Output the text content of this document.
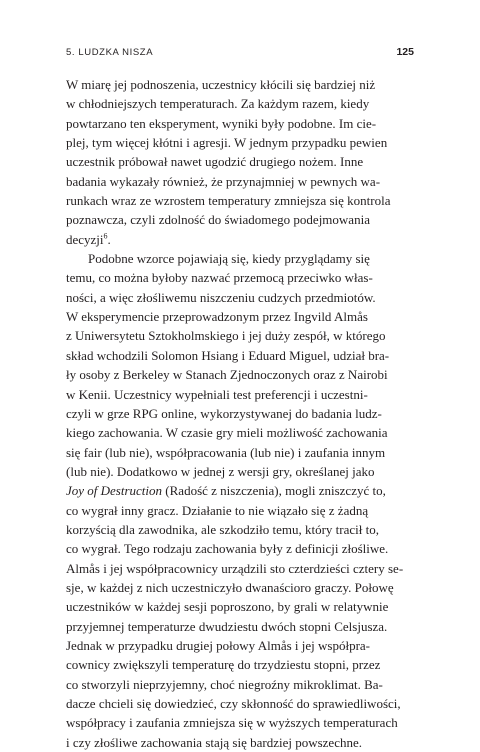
5. LUDZKA NISZA	125

W miarę jej podnoszenia, uczestnicy kłócili się bardziej niż
w chłodniejszych temperaturach. Za każdym razem, kiedy
powtarzano ten eksperyment, wyniki były podobne. Im cie-
plej, tym więcej kłótni i agresji. W jednym przypadku pewien
uczestnik próbował nawet ugodzić drugiego nożem. Inne
badania wykazały również, że przynajmniej w pewnych wa-
runkach wraz ze wzrostem temperatury zmniejsza się kontrola
poznawcza, czyli zdolność do świadomego podejmowania
decyzji$^6$.

Podobne wzorce pojawiają się, kiedy przyglądamy się
temu, co można byłoby nazwać przemocą przeciwko włas-
ności, a więc złośliwemu niszczeniu cudzych przedmiotów.
W eksperymencie przeprowadzonym przez Ingvild Almås
z Uniwersytetu Sztokholmskiego i jej duży zespół, w którego
skład wchodzili Solomon Hsiang i Eduard Miguel, udział bra-
ły osoby z Berkeley w Stanach Zjednoczonych oraz z Nairobi
w Kenii. Uczestnicy wypełniali test preferencji i uczestni-
czyli w grze RPG online, wykorzystywanej do badania ludz-
kiego zachowania. W czasie gry mieli możliwość zachowania
się fair (lub nie), współpracowania (lub nie) i zaufania innym
(lub nie). Dodatkowo w jednej z wersji gry, określanej jako
Joy of Destruction (Radość z niszczenia), mogli zniszczyć to,
co wygrał inny gracz. Działanie to nie wiązało się z żadną
korzyścią dla zawodnika, ale szkodziło temu, który tracił to,
co wygrał. Tego rodzaju zachowania były z definicji złośliwe.
Almås i jej współpracownicy urządzili sto czterdzieści cztery se-
sje, w każdej z nich uczestniczyło dwanaściorо graczy. Połowę
uczestników w każdej sesji poproszono, by grali w relatywnie
przyjemnej temperaturze dwudziestu dwóch stopni Celsjusza.
Jednak w przypadku drugiej połowy Almås i jej współpra-
cownicy zwiększyli temperaturę do trzydziestu stopni, przez
co stworzyli nieprzyjemny, choć niegroźny mikroklimat. Ba-
dacze chcieli się dowiedzieć, czy skłonność do sprawiedliwości,
współpracy i zaufania zmniejsza się w wyższych temperaturach
i czy złośliwe zachowania stają się bardziej powszechne.
